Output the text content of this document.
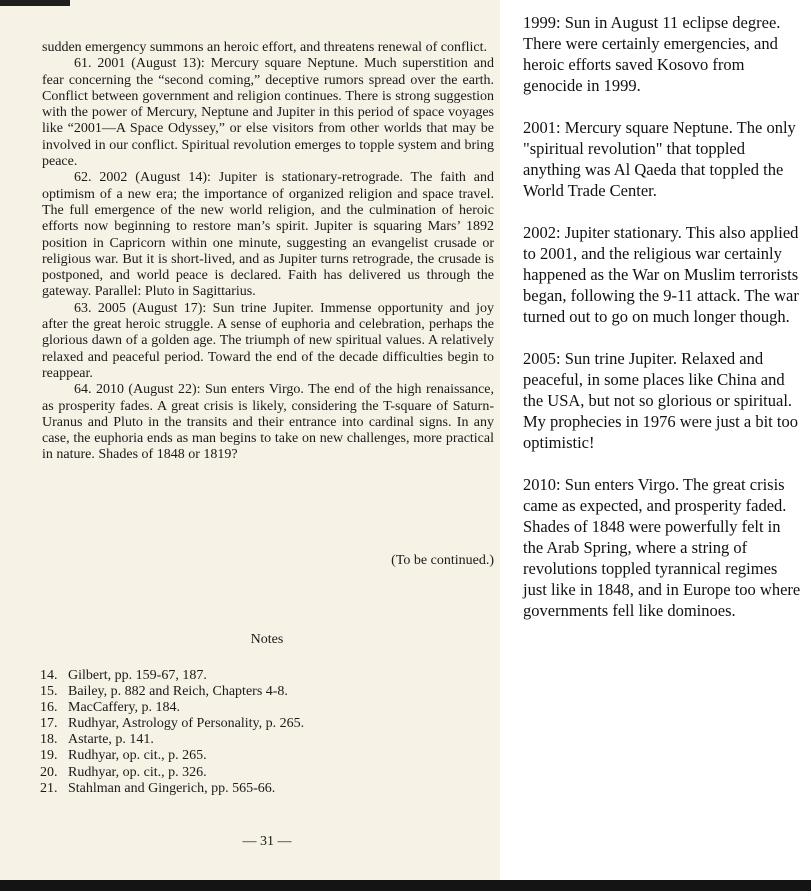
sudden emergency summons an heroic effort, and threatens renewal of conflict.

61. 2001 (August 13): Mercury square Neptune. Much superstition and fear concerning the “second coming,” deceptive rumors spread over the earth. Conflict between government and religion continues. There is strong suggestion with the power of Mercury, Neptune and Jupiter in this period of space voyages like “2001—A Space Odyssey,” or else visitors from other worlds that may be involved in our conflict. Spiritual revolution emerges to topple system and bring peace.

62. 2002 (August 14): Jupiter is stationary-retrograde. The faith and optimism of a new era; the importance of organized religion and space travel. The full emergence of the new world religion, and the culmination of heroic efforts now beginning to restore man’s spirit. Jupiter is squaring Mars’ 1892 position in Capricorn within one minute, suggesting an evangelist crusade or religious war. But it is short-lived, and as Jupiter turns retrograde, the crusade is postponed, and world peace is declared. Faith has delivered us through the gateway. Parallel: Pluto in Sagittarius.

63. 2005 (August 17): Sun trine Jupiter. Immense opportunity and joy after the great heroic struggle. A sense of euphoria and celebration, perhaps the glorious dawn of a golden age. The triumph of new spiritual values. A relatively relaxed and peaceful period. Toward the end of the decade difficulties begin to reappear.

64. 2010 (August 22): Sun enters Virgo. The end of the high renaissance, as prosperity fades. A great crisis is likely, considering the T-square of Saturn-Uranus and Pluto in the transits and their entrance into cardinal signs. In any case, the euphoria ends as man begins to take on new challenges, more practical in nature. Shades of 1848 or 1819?

(To be continued.)
Notes
14. Gilbert, pp. 159-67, 187.
15. Bailey, p. 882 and Reich, Chapters 4-8.
16. MacCaffery, p. 184.
17. Rudhyar, Astrology of Personality, p. 265.
18. Astarte, p. 141.
19. Rudhyar, op. cit., p. 265.
20. Rudhyar, op. cit., p. 326.
21. Stahlman and Gingerich, pp. 565-66.
— 31 —

1999: Sun in August 11 eclipse degree. There were certainly emergencies, and heroic efforts saved Kosovo from genocide in 1999.

2001: Mercury square Neptune. The only "spiritual revolution" that toppled anything was Al Qaeda that toppled the World Trade Center.

2002: Jupiter stationary. This also applied to 2001, and the religious war certainly happened as the War on Muslim terrorists began, following the 9-11 attack. The war turned out to go on much longer though.

2005: Sun trine Jupiter. Relaxed and peaceful, in some places like China and the USA, but not so glorious or spiritual. My prophecies in 1976 were just a bit too optimistic!

2010: Sun enters Virgo. The great crisis came as expected, and prosperity faded. Shades of 1848 were powerfully felt in the Arab Spring, where a string of revolutions toppled tyrannical regimes just like in 1848, and in Europe too where governments fell like dominoes.
